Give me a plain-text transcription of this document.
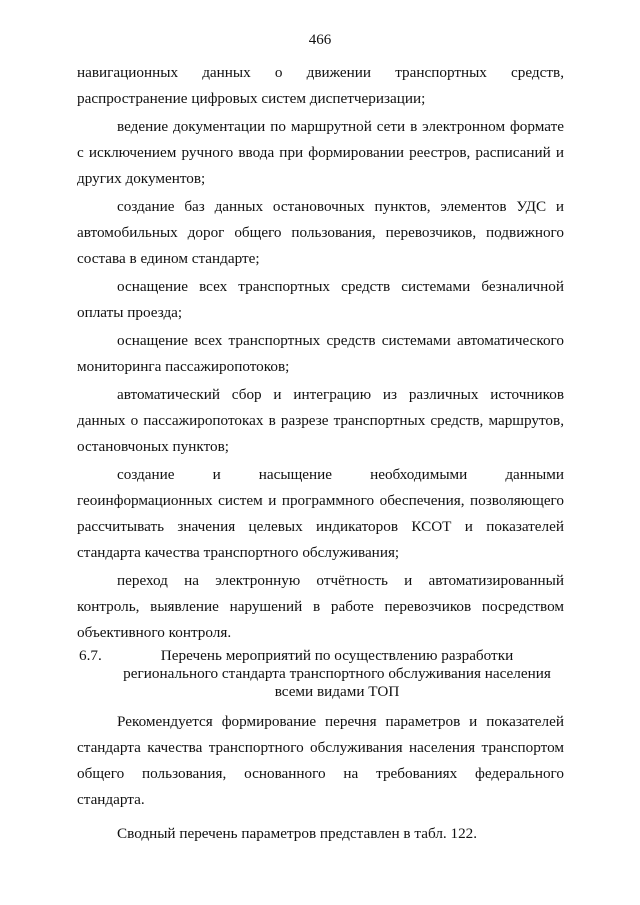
466

навигационных данных о движении транспортных средств, распространение цифровых систем диспетчеризации;

ведение документации по маршрутной сети в электронном формате с исключением ручного ввода при формировании реестров, расписаний и других документов;

создание баз данных остановочных пунктов, элементов УДС и автомобильных дорог общего пользования, перевозчиков, подвижного состава в едином стандарте;

оснащение всех транспортных средств системами безналичной оплаты проезда;

оснащение всех транспортных средств системами автоматического мониторинга пассажиропотоков;

автоматический сбор и интеграцию из различных источников данных о пассажиропотоках в разрезе транспортных средств, маршрутов, остановчоных пунктов;

создание и насыщение необходимыми данными геоинформационных систем и программного обеспечения, позволяющего рассчитывать значения целевых индикаторов КСОТ и показателей стандарта качества транспортного обслуживания;

переход на электронную отчётность и автоматизированный контроль, выявление нарушений в работе перевозчиков посредством объективного контроля.

6.7.	Перечень мероприятий по осуществлению разработки регионального стандарта транспортного обслуживания населения всеми видами ТОП

Рекомендуется формирование перечня параметров и показателей стандарта качества транспортного обслуживания населения транспортом общего пользования, основанного на требованиях федерального стандарта.

Сводный перечень параметров представлен в табл. 122.
